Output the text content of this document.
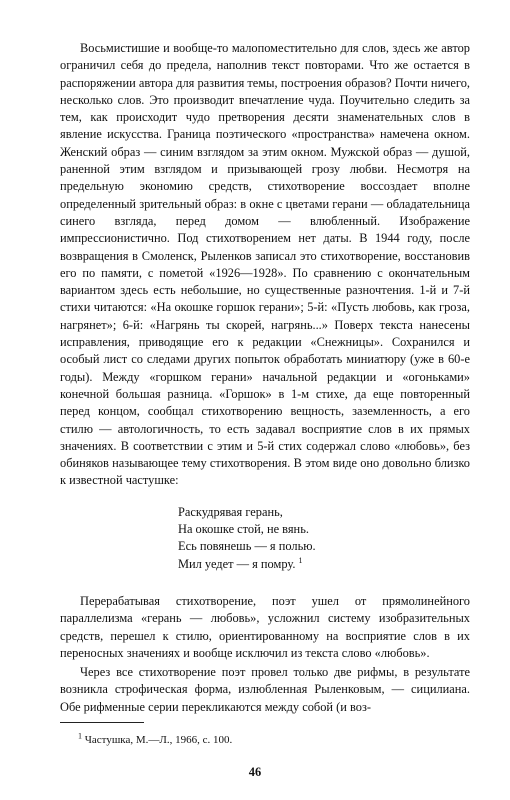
Восьмистишие и вообще-то малопоместительно для слов, здесь же автор ограничил себя до предела, наполнив текст повторами. Что же остается в распоряжении автора для развития темы, построения образов? Почти ничего, несколько слов. Это производит впечатление чуда. Поучительно следить за тем, как происходит чудо претворения десяти знаменательных слов в явление искусства. Граница поэтического «пространства» намечена окном. Женский образ — синим взглядом за этим окном. Мужской образ — душой, раненной этим взглядом и призывающей грозу любви. Несмотря на предельную экономию средств, стихотворение воссоздает вполне определенный зрительный образ: в окне с цветами герани — обладательница синего взгляда, перед домом — влюбленный. Изображение импрессионистично. Под стихотворением нет даты. В 1944 году, после возвращения в Смоленск, Рыленков записал это стихотворение, восстановив его по памяти, с пометой «1926—1928». По сравнению с окончательным вариантом здесь есть небольшие, но существенные разночтения. 1-й и 7-й стихи читаются: «На окошке горшок герани»; 5-й: «Пусть любовь, как гроза, нагрянет»; 6-й: «Нагрянь ты скорей, нагрянь...» Поверх текста нанесены исправления, приводящие его к редакции «Снежницы». Сохранился и особый лист со следами других попыток обработать миниатюру (уже в 60-е годы). Между «горшком герани» начальной редакции и «огоньками» конечной большая разница. «Горшок» в 1-м стихе, да еще повторенный перед концом, сообщал стихотворению вещность, заземленность, а его стилю — автологичность, то есть задавал восприятие слов в их прямых значениях. В соответствии с этим и 5-й стих содержал слово «любовь», без обиняков называющее тему стихотворения. В этом виде оно довольно близко к известной частушке:

Раскудрявая герань,
На окошке стой, не вянь.
Есь повянешь — я полью.
Мил уедет — я помру. $^1$

Перерабатывая стихотворение, поэт ушел от прямолинейного параллелизма «герань — любовь», усложнил систему изобразительных средств, перешел к стилю, ориентированному на восприятие слов в их переносных значениях и вообще исключил из текста слово «любовь».

Через все стихотворение поэт провел только две рифмы, в результате возникла строфическая форма, излюбленная Рыленковым, — сицилиана. Обе рифменные серии перекликаются между собой (и воз-

$^1$ Частушка, М.—Л., 1966, с. 100.
46
